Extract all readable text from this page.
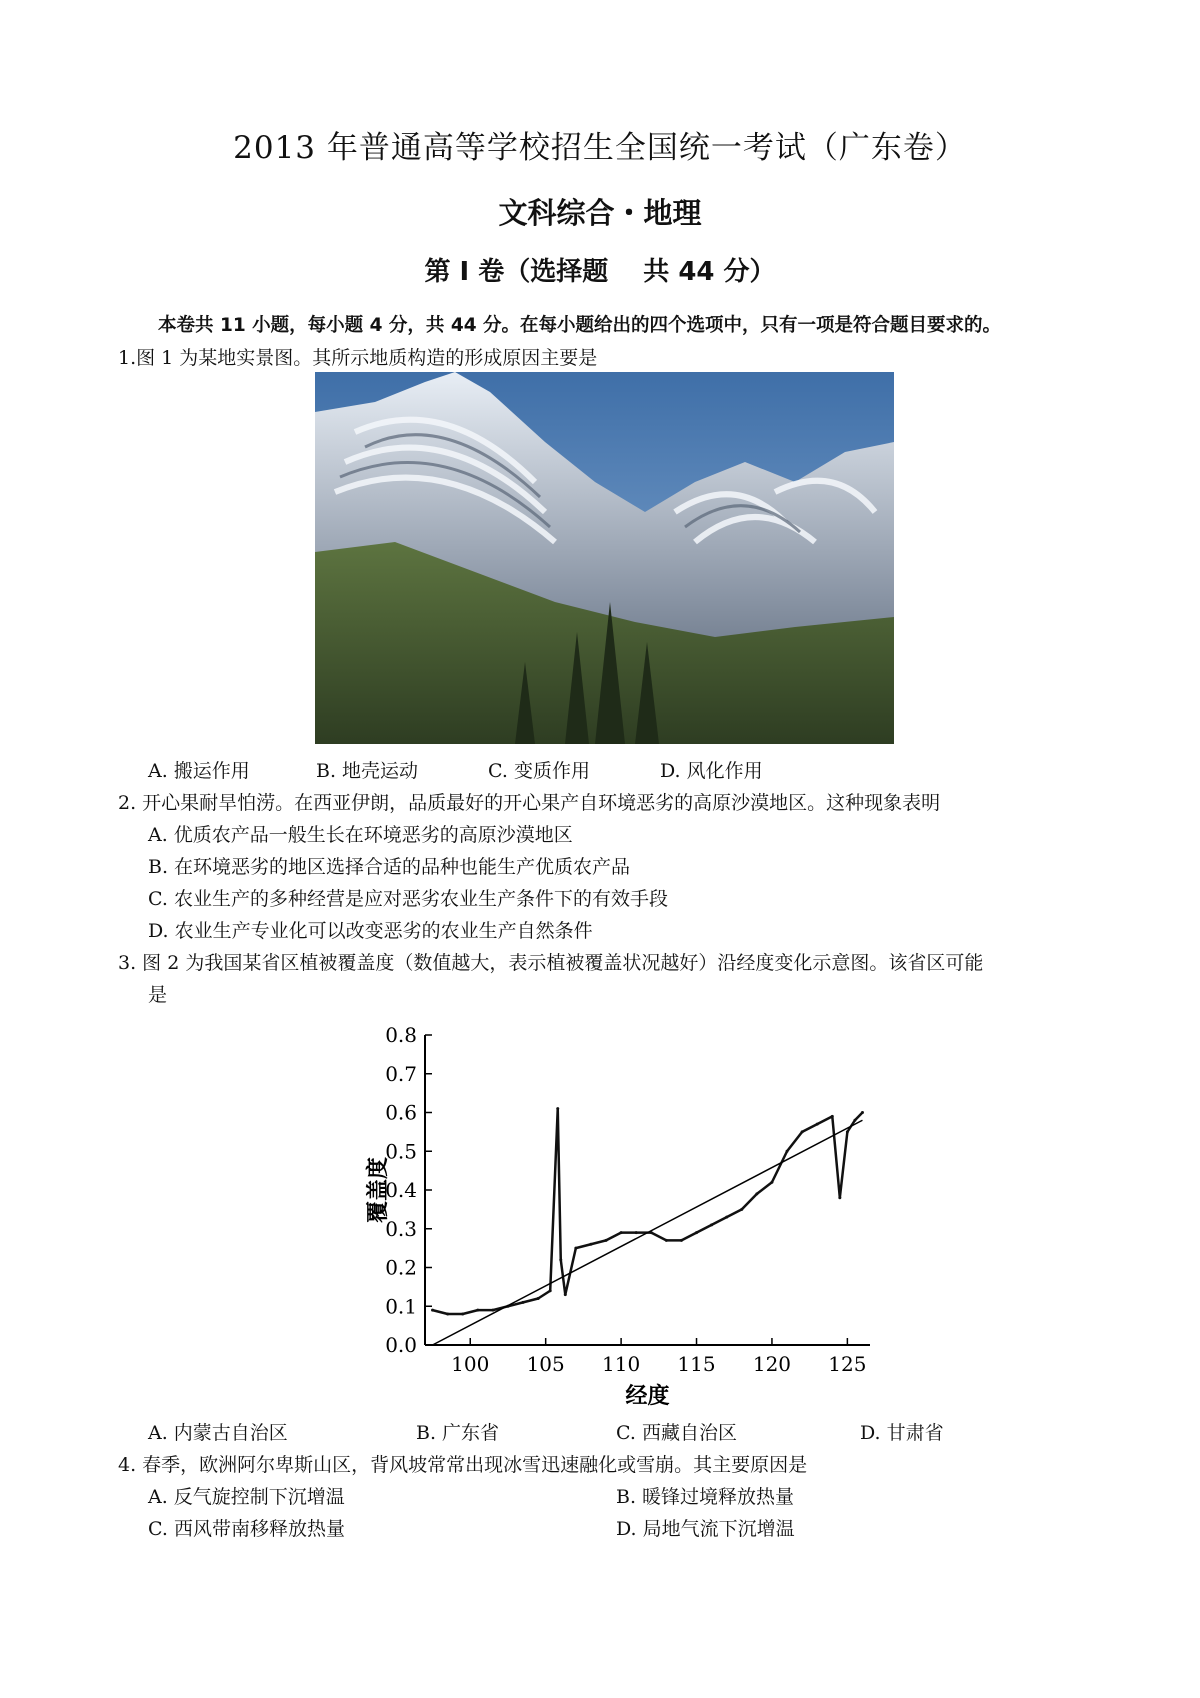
2013 年普通高等学校招生全国统一考试（广东卷）
文科综合・地理
第 I 卷（选择题　 共 44 分）
本卷共 11 小题，每小题 4 分，共 44 分。在每小题给出的四个选项中，只有一项是符合题目要求的。
1.图 1 为某地实景图。其所示地质构造的形成原因主要是
A. 搬运作用	B. 地壳运动	C. 变质作用	D. 风化作用
2. 开心果耐旱怕涝。在西亚伊朗，品质最好的开心果产自环境恶劣的高原沙漠地区。这种现象表明
A. 优质农产品一般生长在环境恶劣的高原沙漠地区
B. 在环境恶劣的地区选择合适的品种也能生产优质农产品
C. 农业生产的多种经营是应对恶劣农业生产条件下的有效手段
D. 农业生产专业化可以改变恶劣的农业生产自然条件
3. 图 2 为我国某省区植被覆盖度（数值越大，表示植被覆盖状况越好）沿经度变化示意图。该省区可能
是
0.0
0.1
0.2
0.3
0.4
0.5
0.6
0.7
0.8
100 105 110 115 120 125
经度
覆盖度
A. 内蒙古自治区	B. 广东省	C. 西藏自治区	D. 甘肃省
4. 春季，欧洲阿尔卑斯山区，背风坡常常出现冰雪迅速融化或雪崩。其主要原因是
A. 反气旋控制下沉增温	B. 暖锋过境释放热量
C. 西风带南移释放热量	D. 局地气流下沉增温
